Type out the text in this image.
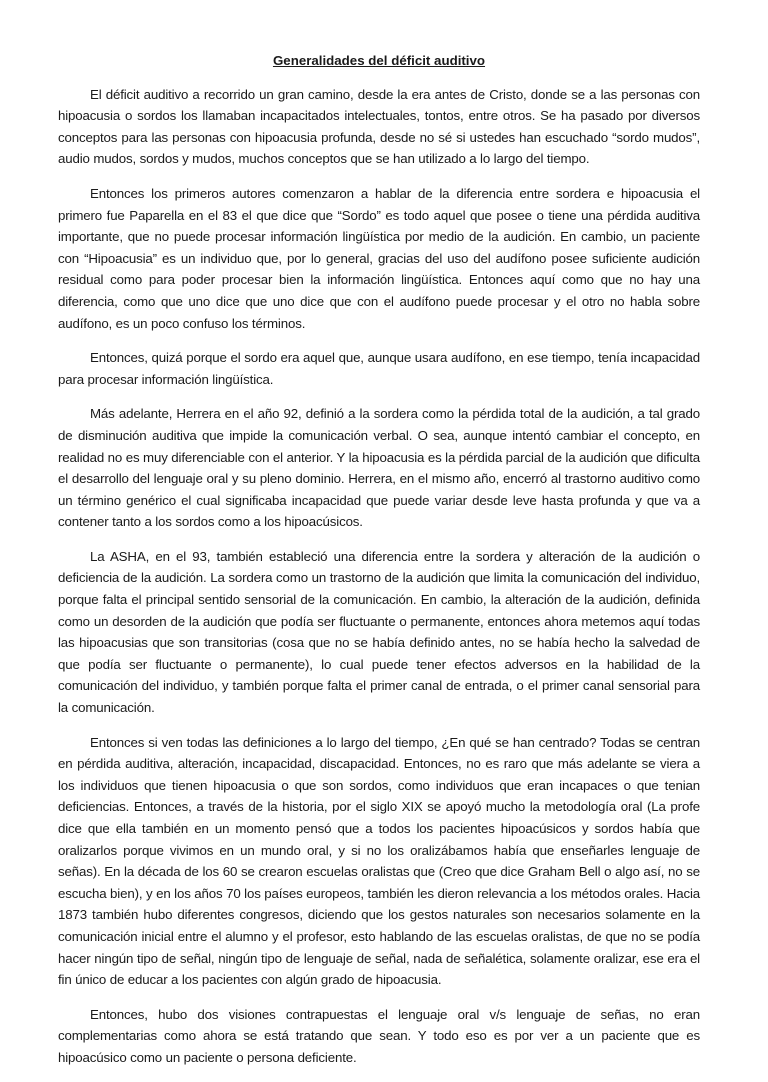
Generalidades del déficit auditivo

El déficit auditivo a recorrido un gran camino, desde la era antes de Cristo, donde se a las personas con hipoacusia o sordos los llamaban incapacitados intelectuales, tontos, entre otros. Se ha pasado por diversos conceptos para las personas con hipoacusia profunda, desde no sé si ustedes han escuchado “sordo mudos”, audio mudos, sordos y mudos, muchos conceptos que se han utilizado a lo largo del tiempo.

Entonces los primeros autores comenzaron a hablar de la diferencia entre sordera e hipoacusia el primero fue Paparella en el 83 el que dice que “Sordo” es todo aquel que posee o tiene una pérdida auditiva importante, que no puede procesar información lingüística por medio de la audición. En cambio, un paciente con “Hipoacusia” es un individuo que, por lo general, gracias del uso del audífono posee suficiente audición residual como para poder procesar bien la información lingüística. Entonces aquí como que no hay una diferencia, como que uno dice que uno dice que con el audífono puede procesar y el otro no habla sobre audífono, es un poco confuso los términos.

Entonces, quizá porque el sordo era aquel que, aunque usara audífono, en ese tiempo, tenía incapacidad para procesar información lingüística.

Más adelante, Herrera en el año 92, definió a la sordera como la pérdida total de la audición, a tal grado de disminución auditiva que impide la comunicación verbal. O sea, aunque intentó cambiar el concepto, en realidad no es muy diferenciable con el anterior. Y la hipoacusia es la pérdida parcial de la audición que dificulta el desarrollo del lenguaje oral y su pleno dominio. Herrera, en el mismo año, encerró al trastorno auditivo como un término genérico el cual significaba incapacidad que puede variar desde leve hasta profunda y que va a contener tanto a los sordos como a los hipoacúsicos.

La ASHA, en el 93, también estableció una diferencia entre la sordera y alteración de la audición o deficiencia de la audición. La sordera como un trastorno de la audición que limita la comunicación del individuo, porque falta el principal sentido sensorial de la comunicación. En cambio, la alteración de la audición, definida como un desorden de la audición que podía ser fluctuante o permanente, entonces ahora metemos aquí todas las hipoacusias que son transitorias (cosa que no se había definido antes, no se había hecho la salvedad de que podía ser fluctuante o permanente), lo cual puede tener efectos adversos en la habilidad de la comunicación del individuo, y también porque falta el primer canal de entrada, o el primer canal sensorial para la comunicación.

Entonces si ven todas las definiciones a lo largo del tiempo, ¿En qué se han centrado? Todas se centran en pérdida auditiva, alteración, incapacidad, discapacidad. Entonces, no es raro que más adelante se viera a los individuos que tienen hipoacusia o que son sordos, como individuos que eran incapaces o que tenian deficiencias. Entonces, a través de la historia, por el siglo XIX se apoyó mucho la metodología oral (La profe dice que ella también en un momento pensó que a todos los pacientes hipoacúsicos y sordos había que oralizarlos porque vivimos en un mundo oral, y si no los oralizábamos había que enseñarles lenguaje de señas). En la década de los 60 se crearon escuelas oralistas que (Creo que dice Graham Bell o algo así, no se escucha bien), y en los años 70 los países europeos, también les dieron relevancia a los métodos orales. Hacia 1873 también hubo diferentes congresos, diciendo que los gestos naturales son necesarios solamente en la comunicación inicial entre el alumno y el profesor, esto hablando de las escuelas oralistas, de que no se podía hacer ningún tipo de señal, ningún tipo de lenguaje de señal, nada de señalética, solamente oralizar, ese era el fin único de educar a los pacientes con algún grado de hipoacusia.

Entonces, hubo dos visiones contrapuestas el lenguaje oral v/s lenguaje de señas, no eran complementarias como ahora se está tratando que sean. Y todo eso es por ver a un paciente que es hipoacúsico como un paciente o persona deficiente.
